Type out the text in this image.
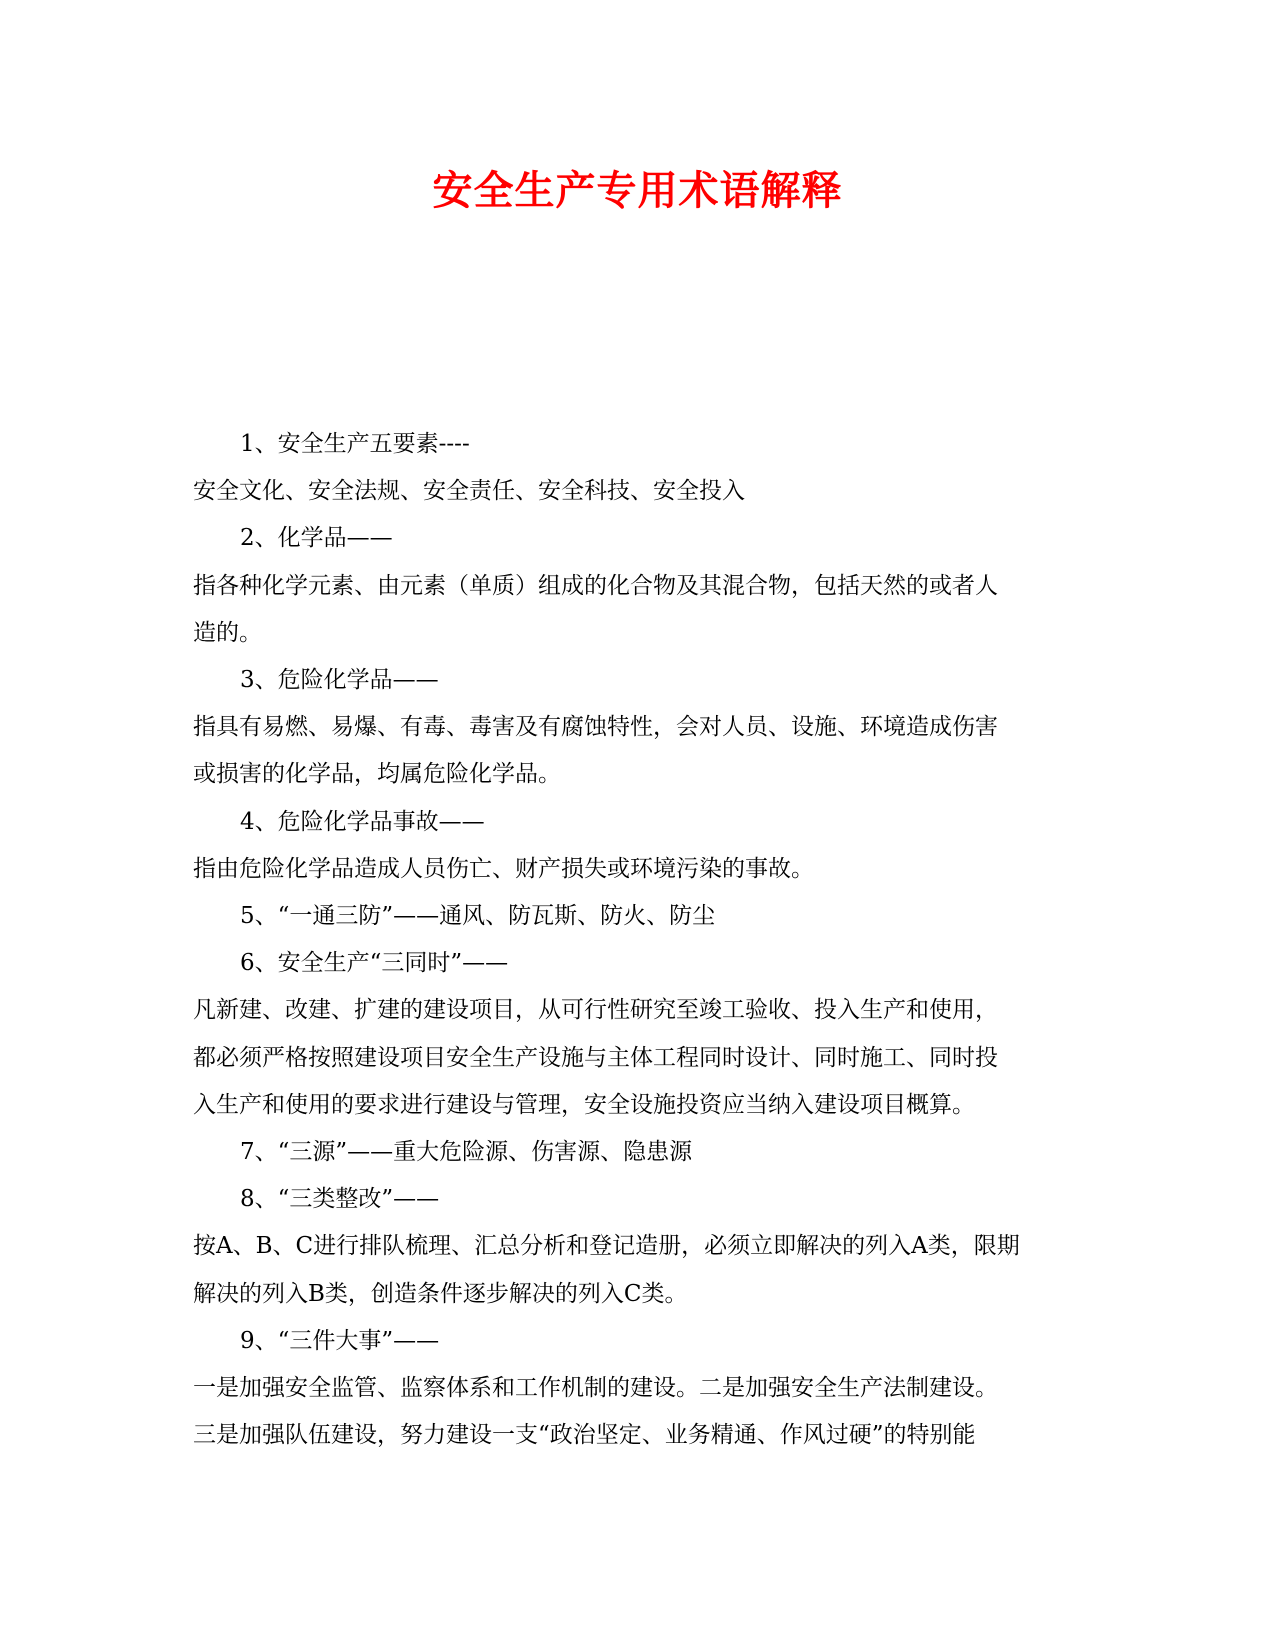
安全生产专用术语解释

1、安全生产五要素----

安全文化、安全法规、安全责任、安全科技、安全投入

2、化学品——

指各种化学元素、由元素（单质）组成的化合物及其混合物，包括天然的或者人

造的。

3、危险化学品——

指具有易燃、易爆、有毒、毒害及有腐蚀特性，会对人员、设施、环境造成伤害

或损害的化学品，均属危险化学品。

4、危险化学品事故——

指由危险化学品造成人员伤亡、财产损失或环境污染的事故。

5、“一通三防”——通风、防瓦斯、防火、防尘

6、安全生产“三同时”——

凡新建、改建、扩建的建设项目，从可行性研究至竣工验收、投入生产和使用，

都必须严格按照建设项目安全生产设施与主体工程同时设计、同时施工、同时投

入生产和使用的要求进行建设与管理，安全设施投资应当纳入建设项目概算。

7、“三源”——重大危险源、伤害源、隐患源

8、“三类整改”——

按A、B、C进行排队梳理、汇总分析和登记造册，必须立即解决的列入A类，限期

解决的列入B类，创造条件逐步解决的列入C类。

9、“三件大事”——

一是加强安全监管、监察体系和工作机制的建设。二是加强安全生产法制建设。

三是加强队伍建设，努力建设一支“政治坚定、业务精通、作风过硬”的特别能
